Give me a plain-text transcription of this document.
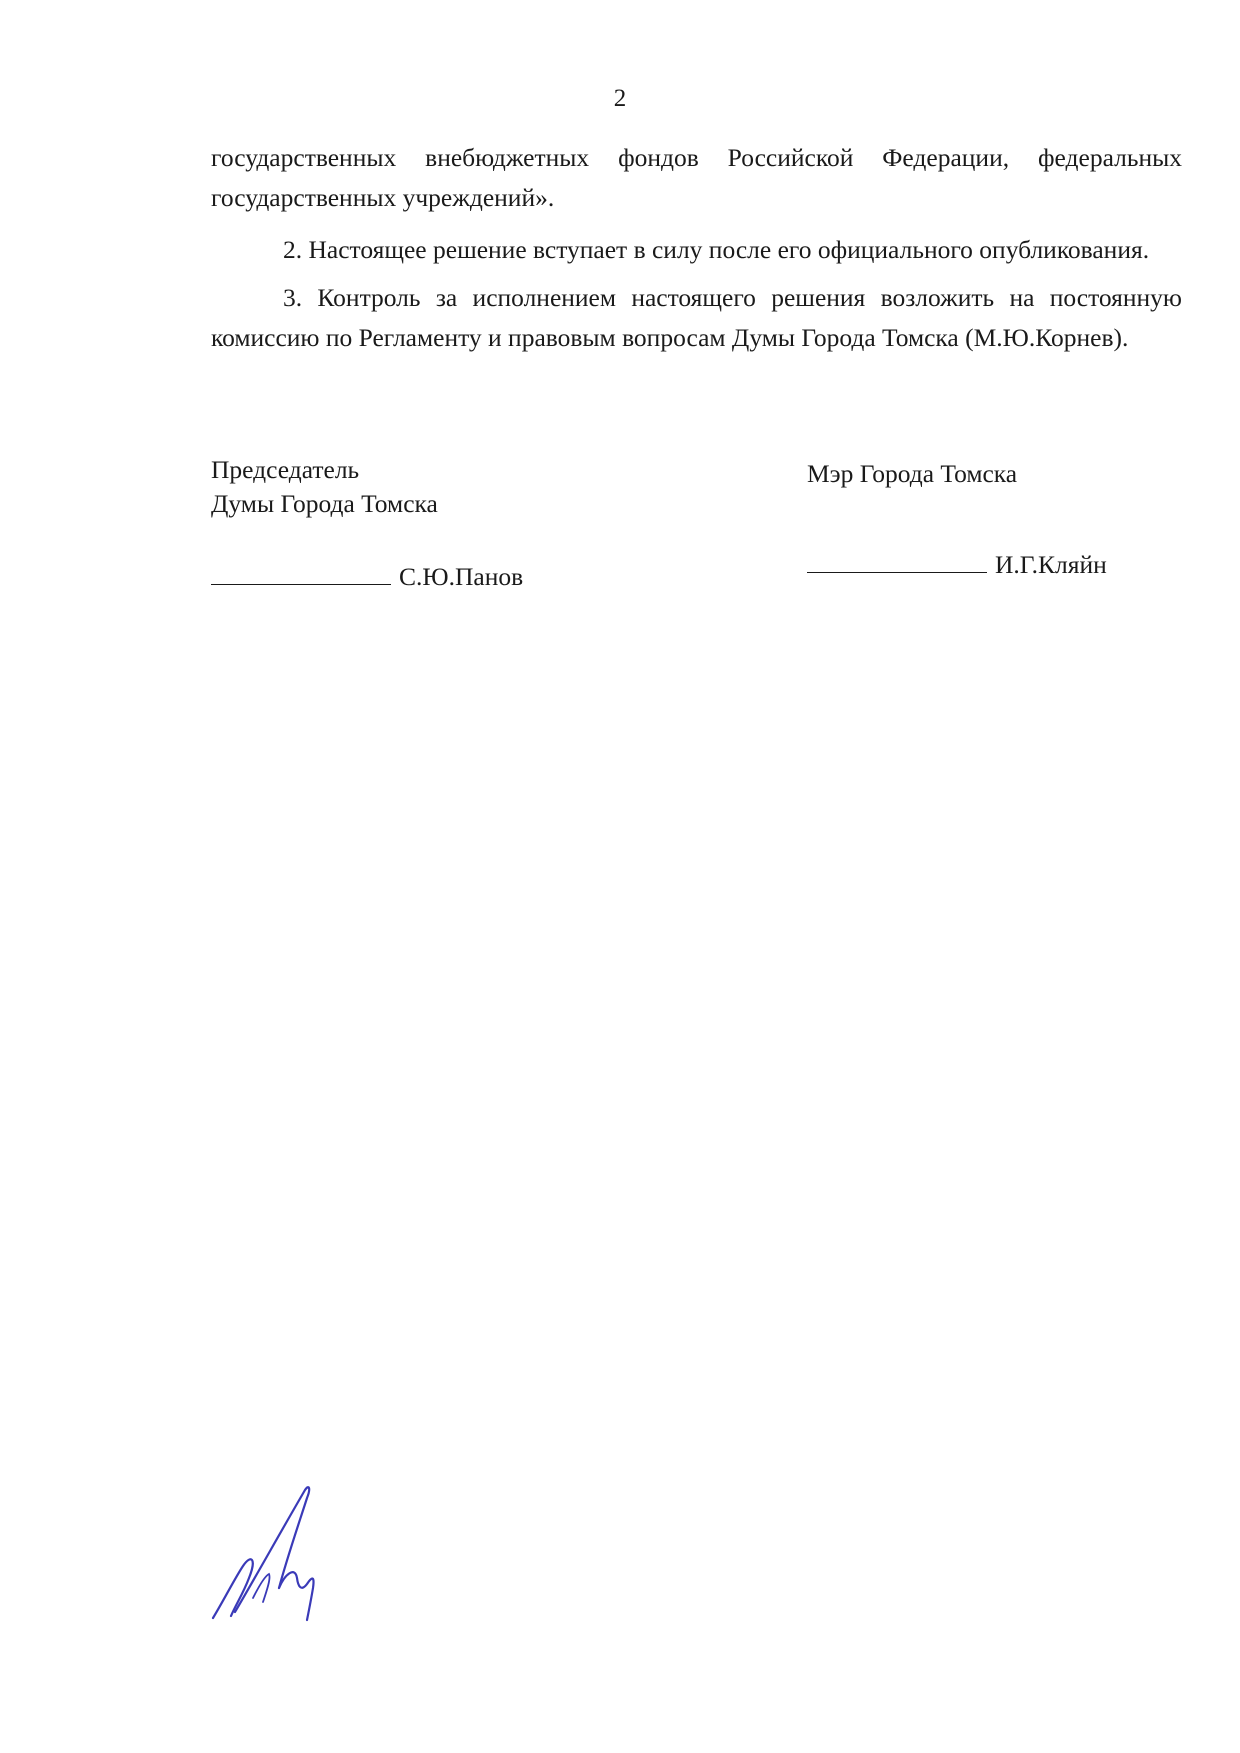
2

государственных внебюджетных фондов Российской Федерации, федеральных государственных учреждений».

2. Настоящее решение вступает в силу после его официального опубликования.

3. Контроль за исполнением настоящего решения возложить на постоянную комиссию по Регламенту и правовым вопросам Думы Города Томска (М.Ю.Корнев).

Председатель
Думы Города Томска
Мэр Города Томска
С.Ю.Панов	И.Г.Кляйн
